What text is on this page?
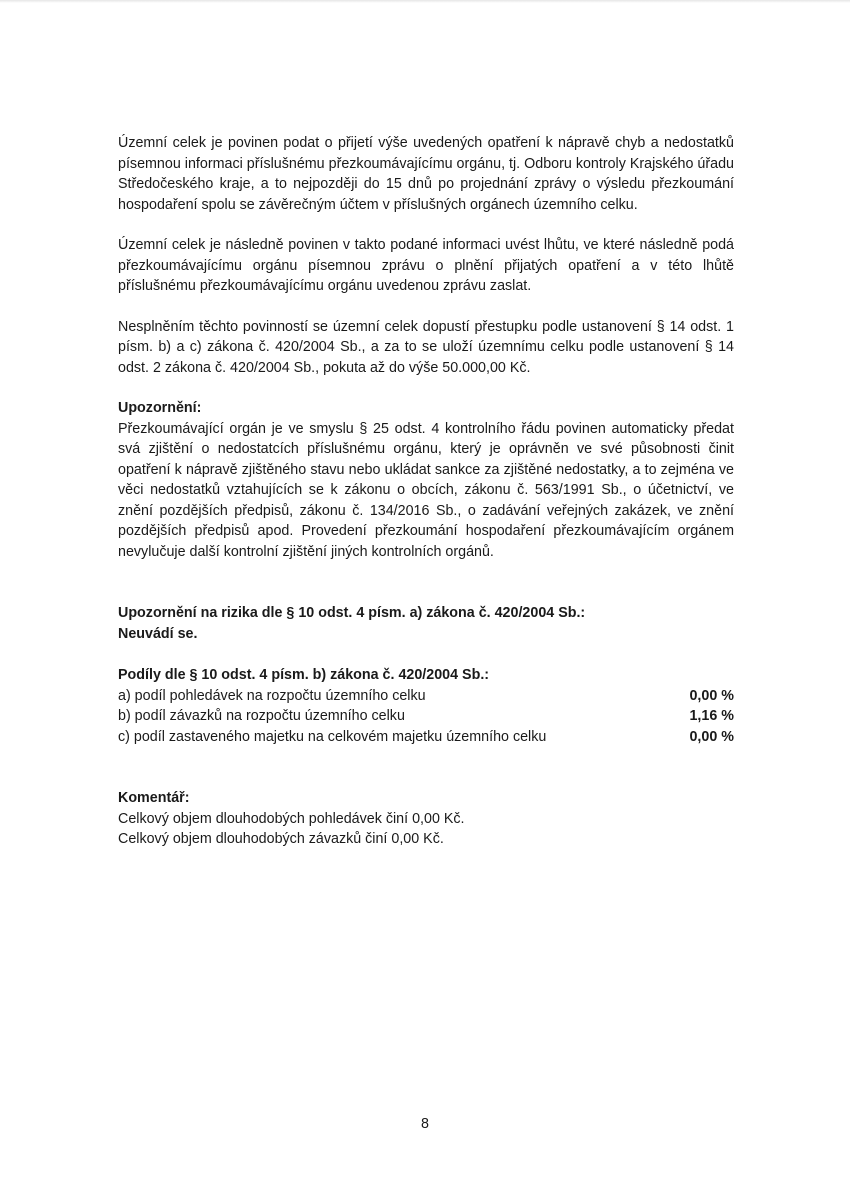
Územní celek je povinen podat o přijetí výše uvedených opatření k nápravě chyb a nedostatků písemnou informaci příslušnému přezkoumávajícímu orgánu, tj. Odboru kontroly Krajského úřadu Středočeského kraje, a to nejpozději do 15 dnů po projednání zprávy o výsledu přezkoumání hospodaření spolu se závěrečným účtem v příslušných orgánech územního celku.

Územní celek je následně povinen v takto podané informaci uvést lhůtu, ve které následně podá přezkoumávajícímu orgánu písemnou zprávu o plnění přijatých opatření a v této lhůtě příslušnému přezkoumávajícímu orgánu uvedenou zprávu zaslat.

Nesplněním těchto povinností se územní celek dopustí přestupku podle ustanovení § 14 odst. 1 písm. b) a c) zákona č. 420/2004 Sb., a za to se uloží územnímu celku podle ustanovení § 14 odst. 2 zákona č. 420/2004 Sb., pokuta až do výše 50.000,00 Kč.

Upozornění:

Přezkoumávající orgán je ve smyslu § 25 odst. 4 kontrolního řádu povinen automaticky předat svá zjištění o nedostatcích příslušnému orgánu, který je oprávněn ve své působnosti činit opatření k nápravě zjištěného stavu nebo ukládat sankce za zjištěné nedostatky, a to zejména ve věci nedostatků vztahujících se k zákonu o obcích, zákonu č. 563/1991 Sb., o účetnictví, ve znění pozdějších předpisů, zákonu č. 134/2016 Sb., o zadávání veřejných zakázek, ve znění pozdějších předpisů apod. Provedení přezkoumání hospodaření přezkoumávajícím orgánem nevylučuje další kontrolní zjištění jiných kontrolních orgánů.

Upozornění na rizika dle § 10 odst. 4 písm. a) zákona č. 420/2004 Sb.:

Neuvádí se.

Podíly dle § 10 odst. 4 písm. b) zákona č. 420/2004 Sb.:

a) podíl pohledávek na rozpočtu územního celku	0,00 %
b) podíl závazků na rozpočtu územního celku	1,16 %
c) podíl zastaveného majetku na celkovém majetku územního celku	0,00 %

Komentář:

Celkový objem dlouhodobých pohledávek činí 0,00 Kč.
Celkový objem dlouhodobých závazků činí 0,00 Kč.
8
